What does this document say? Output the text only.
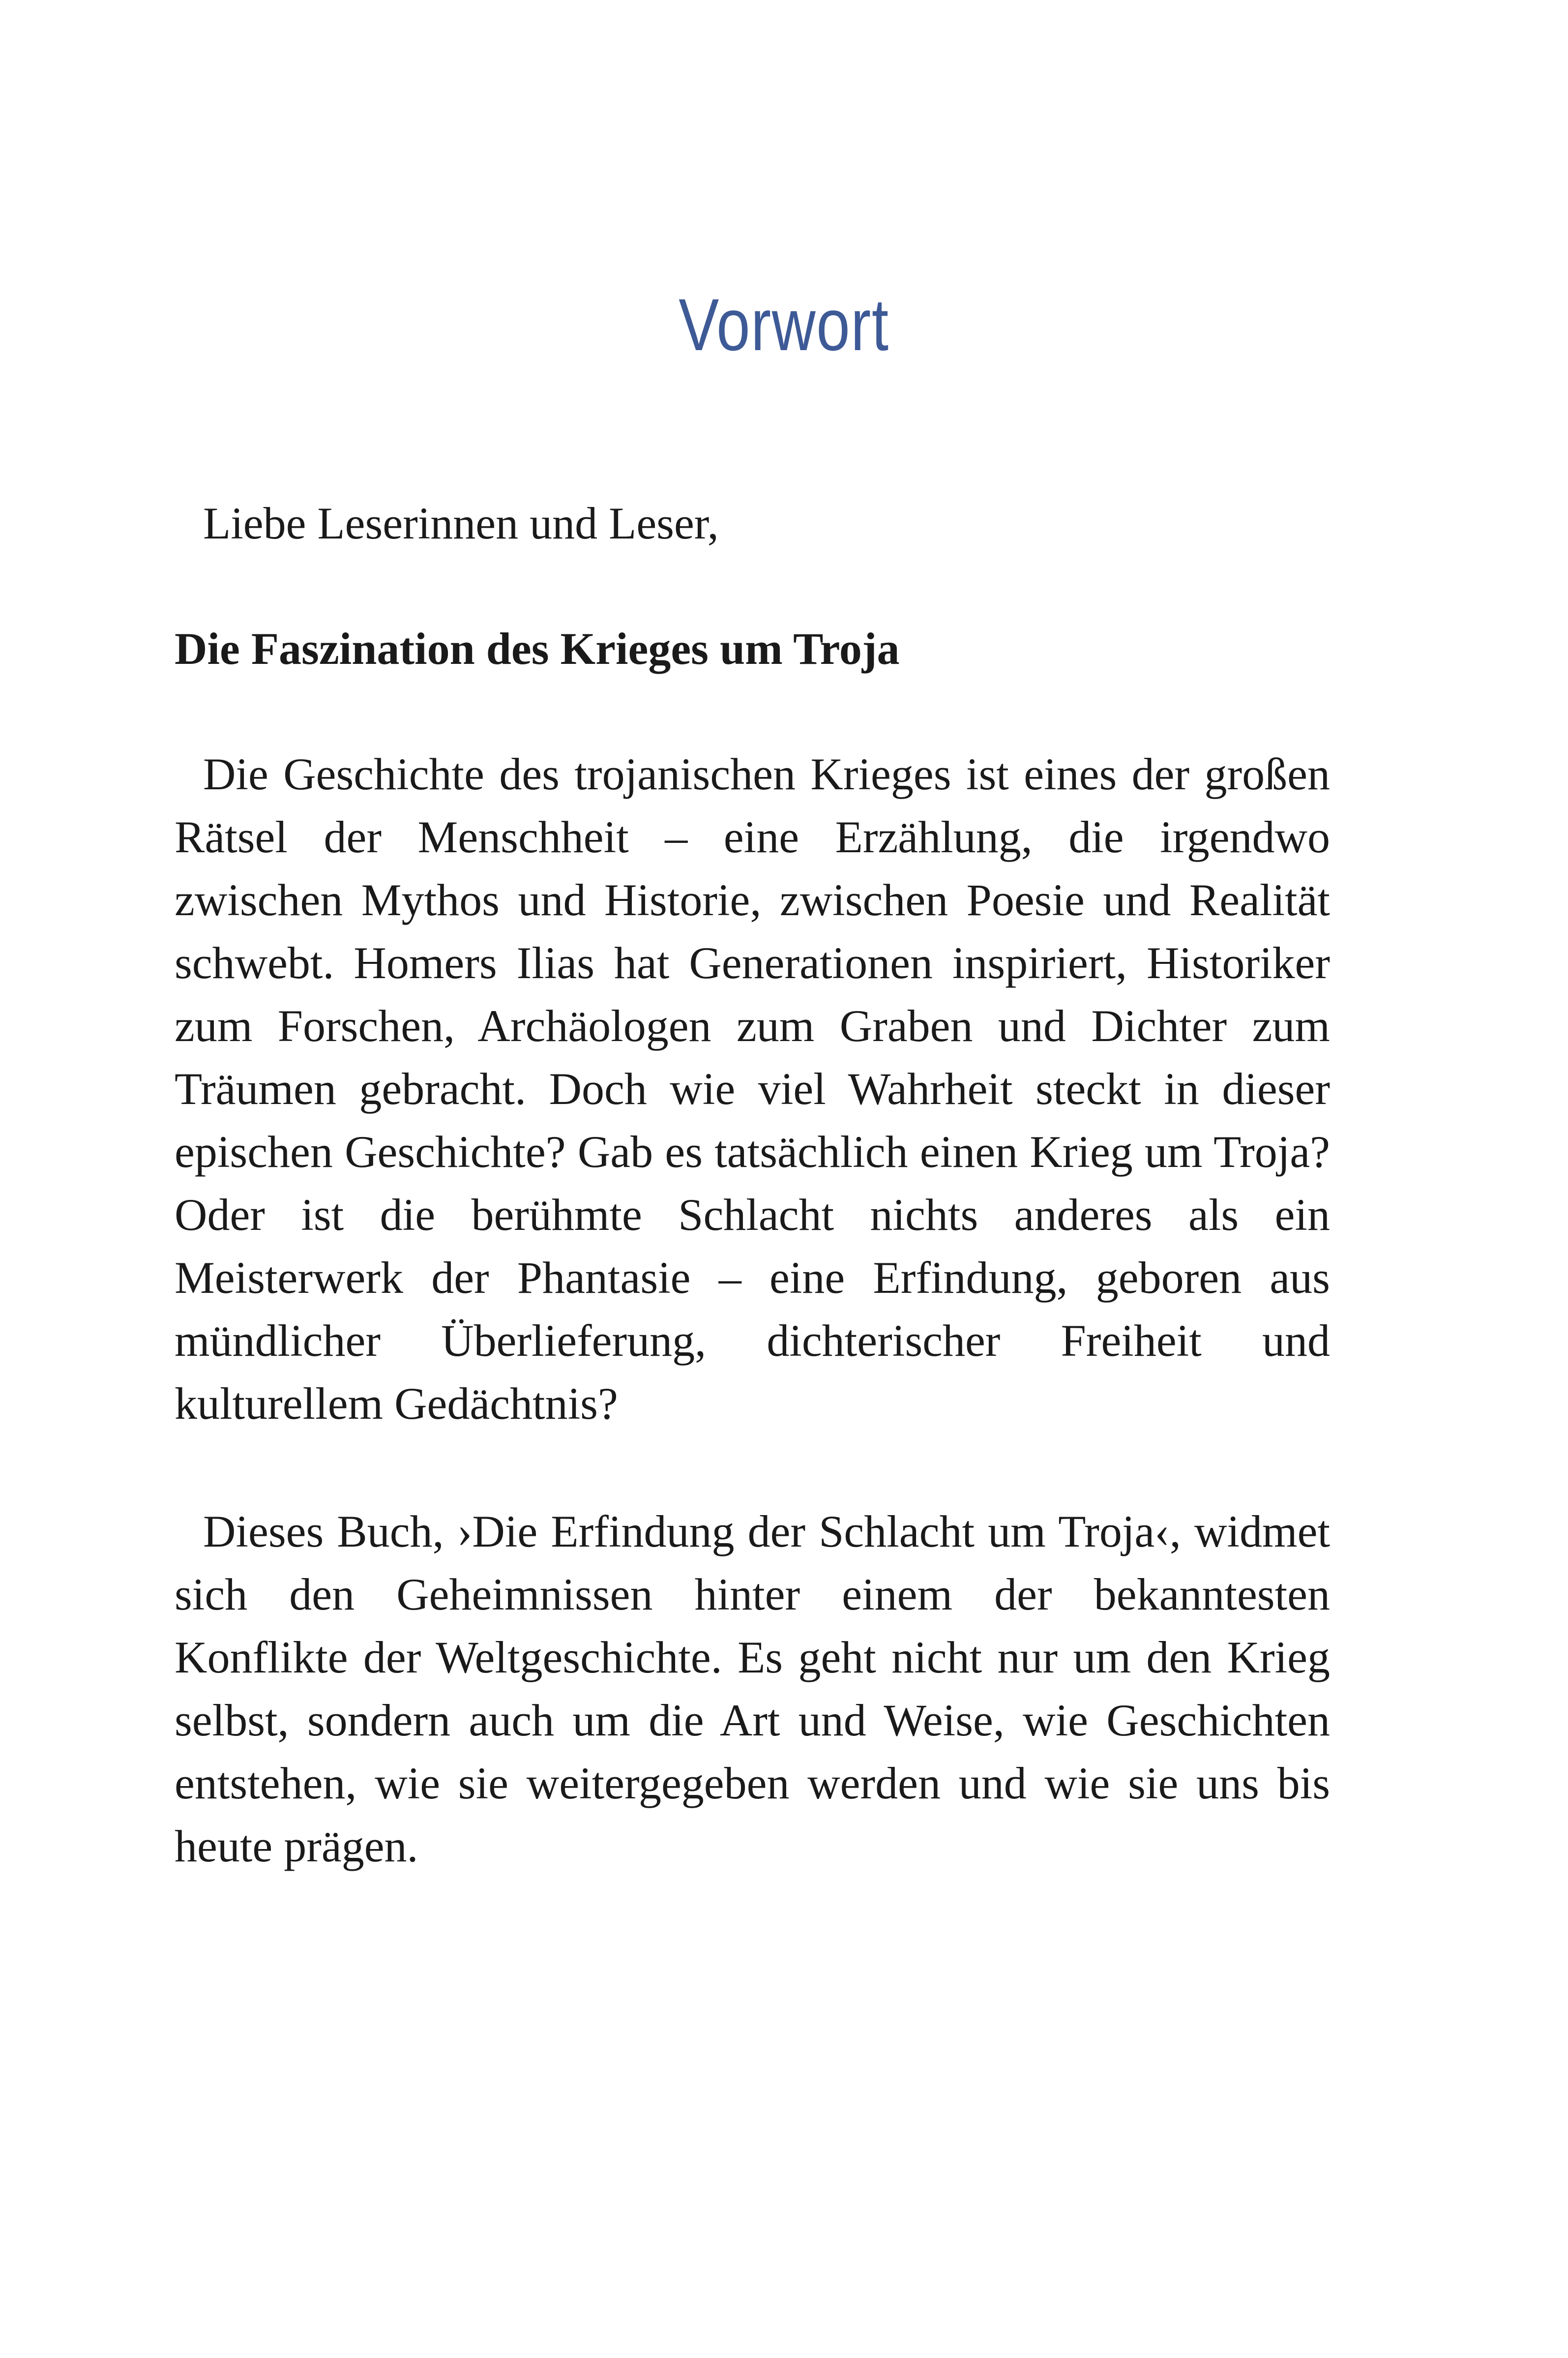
Vorwort

Liebe Leserinnen und Leser,

Die Faszination des Krieges um Troja

Die Geschichte des trojanischen Krieges ist eines der großen Rätsel der Menschheit – eine Erzählung, die irgendwo zwischen Mythos und Historie, zwischen Poesie und Realität schwebt. Homers Ilias hat Generationen inspiriert, Historiker zum Forschen, Archäologen zum Graben und Dichter zum Träumen gebracht. Doch wie viel Wahrheit steckt in dieser epischen Geschichte? Gab es tatsächlich einen Krieg um Troja? Oder ist die berühmte Schlacht nichts anderes als ein Meisterwerk der Phantasie – eine Erfindung, geboren aus mündlicher Überlieferung, dichterischer Freiheit und kulturellem Gedächtnis?

Dieses Buch, ›Die Erfindung der Schlacht um Troja‹, widmet sich den Geheimnissen hinter einem der bekanntesten Konflikte der Weltgeschichte. Es geht nicht nur um den Krieg selbst, sondern auch um die Art und Weise, wie Geschichten entstehen, wie sie weitergegeben werden und wie sie uns bis heute prägen.
